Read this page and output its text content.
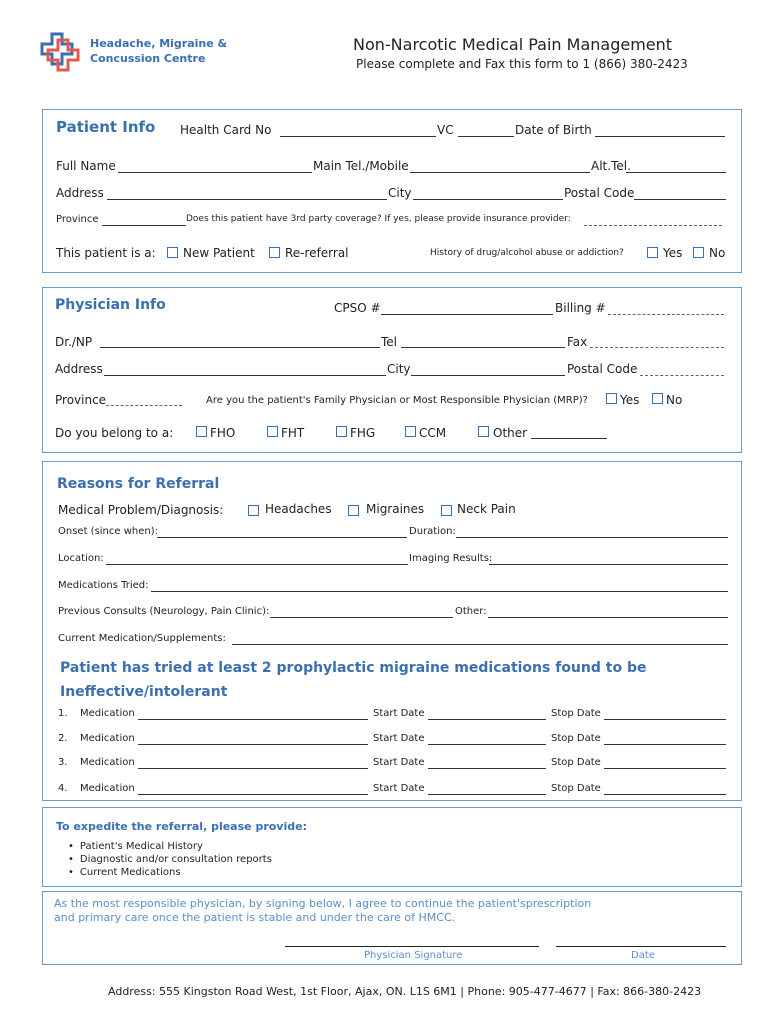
Headache, Migraine &
Concussion Centre
Non-Narcotic Medical Pain Management
Please complete and Fax this form to 1 (866) 380-2423
Patient Info Health Card No	VC	Date of Birth
Full Name	Main Tel./Mobile	Alt.Tel.
Address	City	Postal Code
Province	Does this patient have 3rd party coverage? If yes, please provide insurance provider:
This patient is a: New Patient	Re-referral	History of drug/alcohol abuse or addiction?	Yes No
Physician Info	CPSO #	Billing #
Dr./NP	Tel	Fax
Address	City	Postal Code
Province	Are you the patient's Family Physician or Most Responsible Physician (MRP)?	Yes No
Do you belong to a:	FHO	FHT	FHG	CCM	Other
Reasons for Referral
Medical Problem/Diagnosis:	Headaches	Migraines	Neck Pain
Onset (since when):	Duration:
Location:	Imaging Results:
Medications Tried:
Previous Consults (Neurology, Pain Clinic):	Other:
Current Medication/Supplements:
Patient has tried at least 2 prophylactic migraine medications found to be
Ineffective/intolerant
1. Medication	Start Date	Stop Date
2. Medication	Start Date	Stop Date
3. Medication	Start Date	Stop Date
4. Medication	Start Date	Stop Date
To expedite the referral, please provide:
• Patient's Medical History
• Diagnostic and/or consultation reports
• Current Medications
As the most responsible physician, by signing below, I agree to continue the patient'sprescription
and primary care once the patient is stable and under the care of HMCC.
Physician Signature	Date
Address: 555 Kingston Road West, 1st Floor, Ajax, ON. L1S 6M1 | Phone: 905-477-4677 | Fax: 866-380-2423
